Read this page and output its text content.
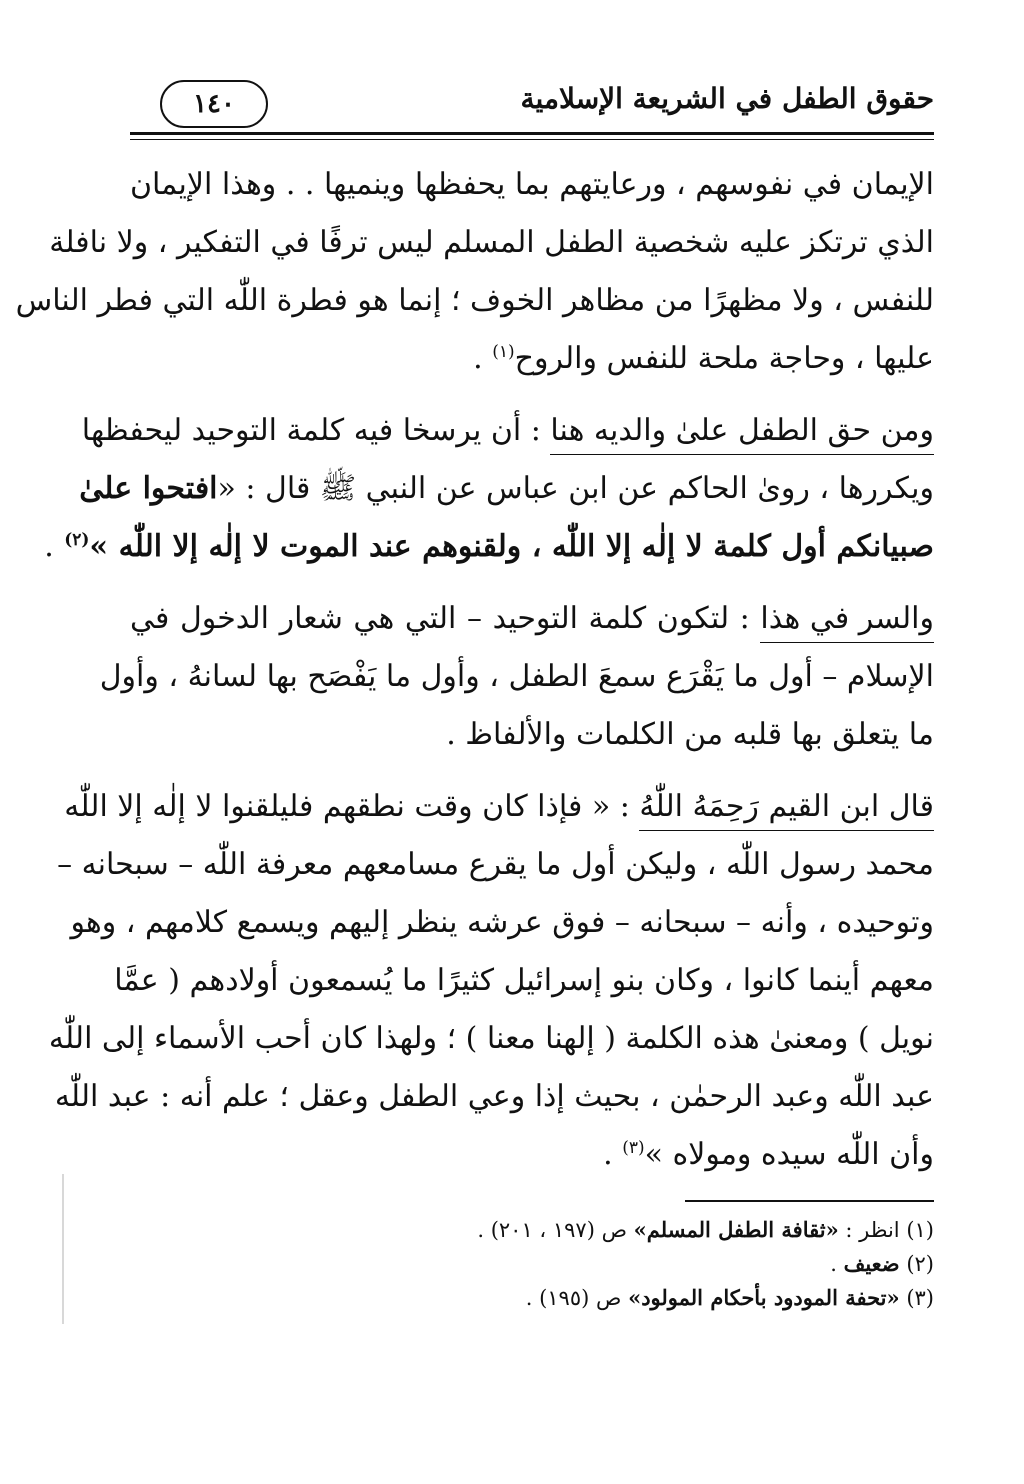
حقوق الطفل في الشريعة الإسلامية
١٤٠
الإيمان في نفوسهم ، ورعايتهم بما يحفظها وينميها . . وهذا الإيمان
الذي ترتكز عليه شخصية الطفل المسلم ليس ترفًا في التفكير ، ولا نافلة
للنفس ، ولا مظهرًا من مظاهر الخوف ؛ إنما هو فطرة اللّٰه التي فطر الناس
عليها ، وحاجة ملحة للنفس والروح$^{(١)}$ .
ومن حق الطفل علىٰ والديه هنا : أن يرسخا فيه كلمة التوحيد ليحفظها
ويكررها ، روىٰ الحاكم عن ابن عباس عن النبي ﷺ قال : «افتحوا علىٰ
صبيانكم أول كلمة لا إلٰه إلا اللّٰه ، ولقنوهم عند الموت لا إلٰه إلا اللّٰه »$^{(٢)}$ .
والسر في هذا : لتكون كلمة التوحيد – التي هي شعار الدخول في
الإسلام – أول ما يَقْرَع سمعَ الطفل ، وأول ما يَفْصَح بها لسانهُ ، وأول
ما يتعلق بها قلبه من الكلمات والألفاظ .
قال ابن القيم رَحِمَهُ اللّٰهُ : « فإذا كان وقت نطقهم فليلقنوا لا إلٰه إلا اللّٰه
محمد رسول اللّٰه ، وليكن أول ما يقرع مسامعهم معرفة اللّٰه – سبحانه –
وتوحيده ، وأنه – سبحانه – فوق عرشه ينظر إليهم ويسمع كلامهم ، وهو
معهم أينما كانوا ، وكان بنو إسرائيل كثيرًا ما يُسمعون أولادهم ( عمَّا
نويل ) ومعنىٰ هذه الكلمة ( إلهنا معنا ) ؛ ولهذا كان أحب الأسماء إلى اللّٰه
عبد اللّٰه وعبد الرحمٰن ، بحيث إذا وعي الطفل وعقل ؛ علم أنه : عبد اللّٰه
وأن اللّٰه سيده ومولاه »$^{(٣)}$ .
(١) انظر : «ثقافة الطفل المسلم» ص (١٩٧ ، ٢٠١) .
(٢) ضعيف .
(٣) «تحفة المودود بأحكام المولود» ص (١٩٥) .
